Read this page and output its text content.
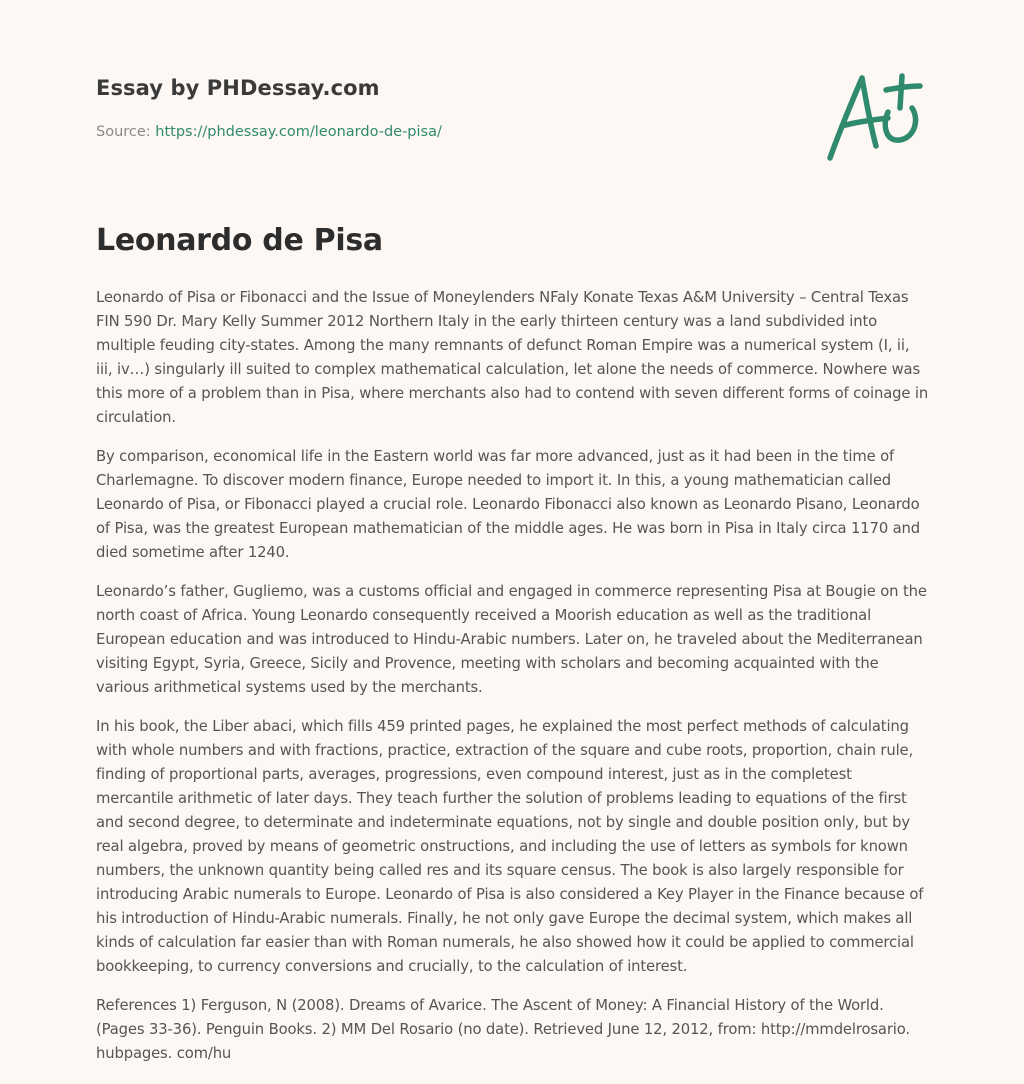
Essay by PHDessay.com

Source: https://phdessay.com/leonardo-de-pisa/

Leonardo de Pisa

Leonardo of Pisa or Fibonacci and the Issue of Moneylenders NFaly Konate Texas A&M University – Central Texas FIN 590 Dr. Mary Kelly Summer 2012 Northern Italy in the early thirteen century was a land subdivided into multiple feuding city-states. Among the many remnants of defunct Roman Empire was a numerical system (I, ii, iii, iv…) singularly ill suited to complex mathematical calculation, let alone the needs of commerce. Nowhere was this more of a problem than in Pisa, where merchants also had to contend with seven different forms of coinage in circulation.

By comparison, economical life in the Eastern world was far more advanced, just as it had been in the time of Charlemagne. To discover modern finance, Europe needed to import it. In this, a young mathematician called Leonardo of Pisa, or Fibonacci played a crucial role. Leonardo Fibonacci also known as Leonardo Pisano, Leonardo of Pisa, was the greatest European mathematician of the middle ages. He was born in Pisa in Italy circa 1170 and died sometime after 1240.

Leonardo’s father, Gugliemo, was a customs official and engaged in commerce representing Pisa at Bougie on the north coast of Africa. Young Leonardo consequently received a Moorish education as well as the traditional European education and was introduced to Hindu-Arabic numbers. Later on, he traveled about the Mediterranean visiting Egypt, Syria, Greece, Sicily and Provence, meeting with scholars and becoming acquainted with the various arithmetical systems used by the merchants.

In his book, the Liber abaci, which fills 459 printed pages, he explained the most perfect methods of calculating with whole numbers and with fractions, practice, extraction of the square and cube roots, proportion, chain rule, finding of proportional parts, averages, progressions, even compound interest, just as in the completest mercantile arithmetic of later days. They teach further the solution of problems leading to equations of the first and second degree, to determinate and indeterminate equations, not by single and double position only, but by real algebra, proved by means of geometric onstructions, and including the use of letters as symbols for known numbers, the unknown quantity being called res and its square census. The book is also largely responsible for introducing Arabic numerals to Europe. Leonardo of Pisa is also considered a Key Player in the Finance because of his introduction of Hindu-Arabic numerals. Finally, he not only gave Europe the decimal system, which makes all kinds of calculation far easier than with Roman numerals, he also showed how it could be applied to commercial bookkeeping, to currency conversions and crucially, to the calculation of interest.

References 1) Ferguson, N (2008). Dreams of Avarice. The Ascent of Money: A Financial History of the World. (Pages 33-36). Penguin Books. 2) MM Del Rosario (no date). Retrieved June 12, 2012, from: http://mmdelrosario. hubpages. com/hu
